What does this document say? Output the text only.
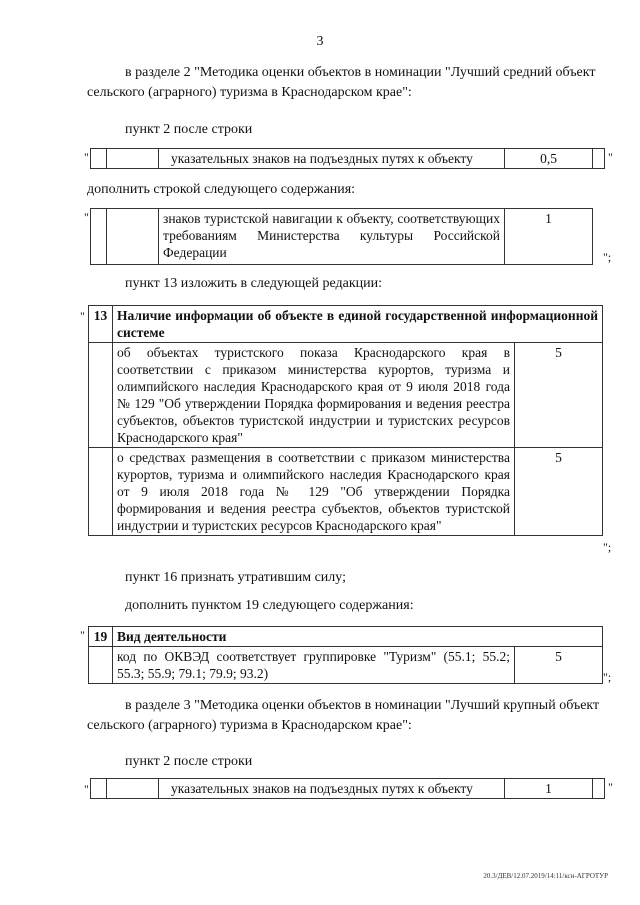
3

в разделе 2 "Методика оценки объектов в номинации "Лучший средний объект сельского (аграрного) туризма в Краснодарском крае":

пункт 2 после строки
"
			указательных знаков на подъездных путях к объекту	0,5		"
дополнить строкой следующего содержания:
"
			знаков туристской навигации к объекту, соответствующих требованиям Министерства культуры Российской Федерации	1	
";
пункт 13 изложить в следующей редакции:
" 13	Наличие информации об объекте в единой государственной информационной системе	
	об объектах туристского показа Краснодарского края в соответствии с приказом министерства курортов, туризма и олимпийского наследия Краснодарского края от 9 июля 2018 года № 129 "Об утверждении Порядка формирования и ведения реестра субъектов, объектов туристской индустрии и туристских ресурсов Краснодарского края"	5
	о средствах размещения в соответствии с приказом министерства курортов, туризма и олимпийского наследия Краснодарского края от 9 июля 2018 года № 129 "Об утверждении Порядка формирования и ведения реестра субъектов, объектов туристской индустрии и туристских ресурсов Краснодарского края"	5
";
пункт 16 признать утратившим силу;
дополнить пунктом 19 следующего содержания:
" 19	Вид деятельности	
	код по ОКВЭД соответствует группировке "Туризм" (55.1; 55.2; 55.3; 55.9; 79.1; 79.9; 93.2)	5
";

в разделе 3 "Методика оценки объектов в номинации "Лучший крупный объект сельского (аграрного) туризма в Краснодарском крае":

пункт 2 после строки
"
			указательных знаков на подъездных путях к объекту	1		"
20.3/ДЕВ/12.07.2019/14:11/кси-АГРОТУР
